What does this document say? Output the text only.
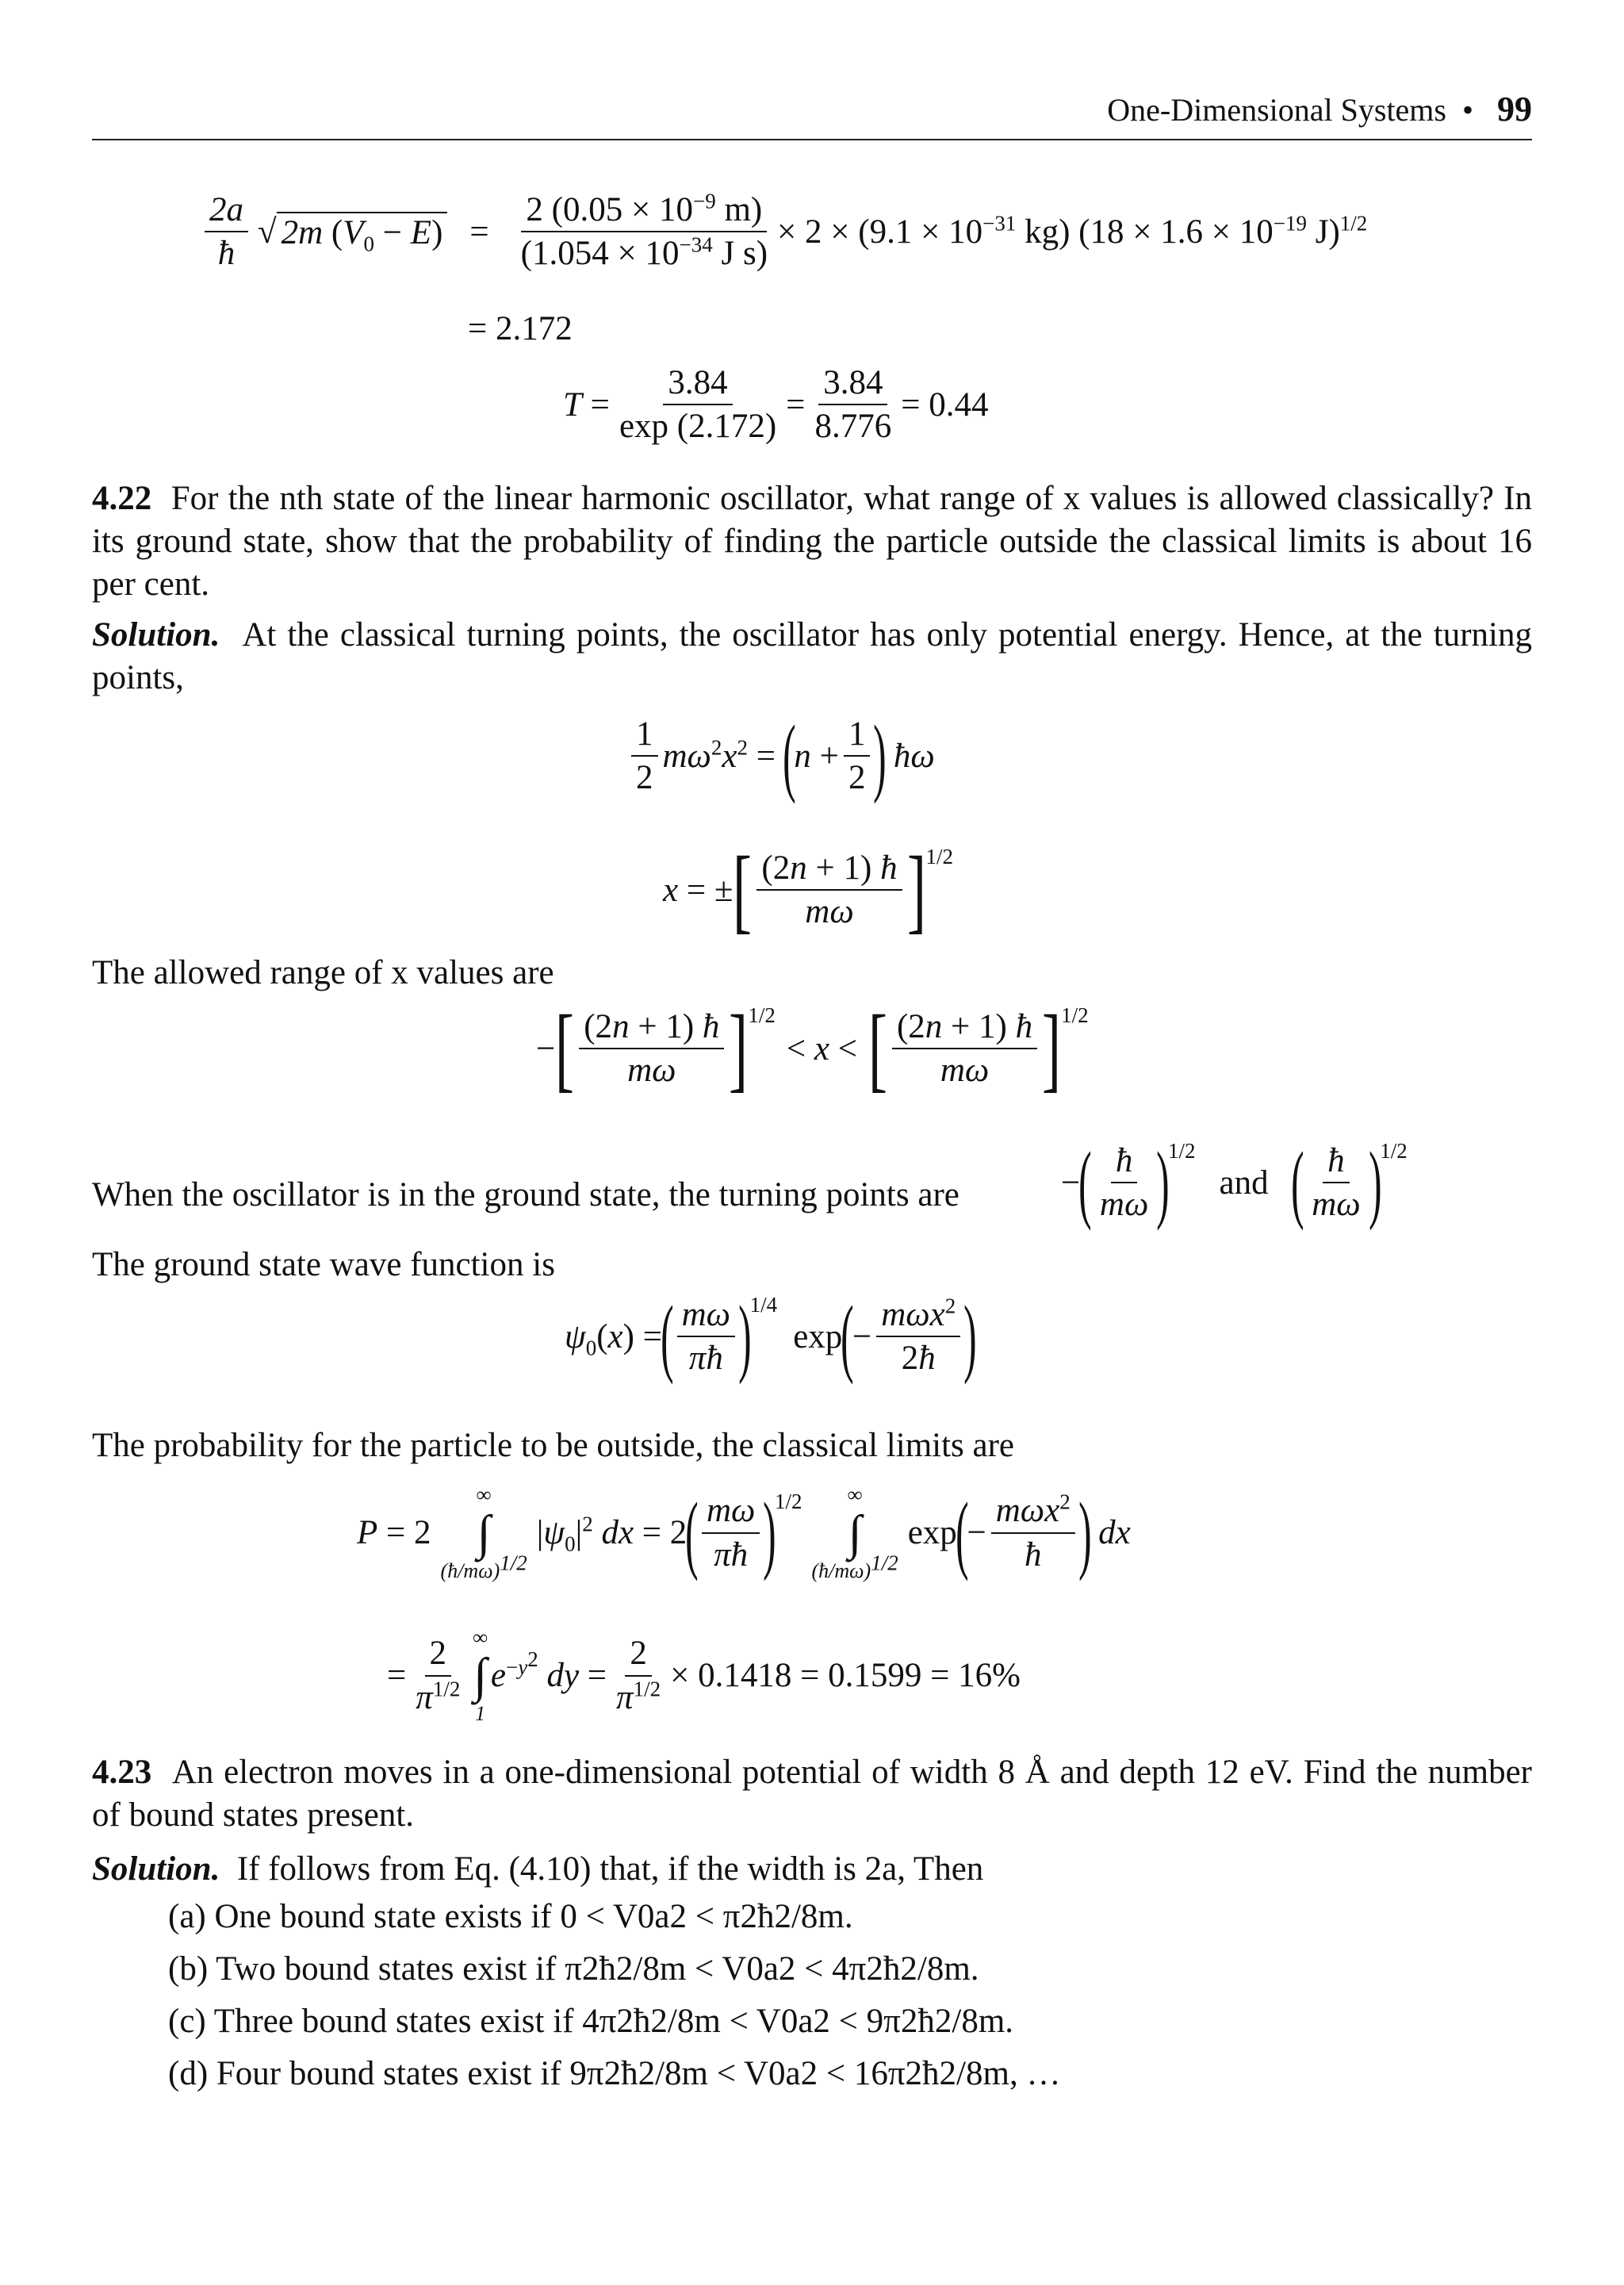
One-Dimensional Systems • 99
$\frac{2a}{ħ}$ √ 2m $(V_0 - E) = \frac{2 (0.05 \times 10^{-9} m)}{(1.054 \times 10^{-34} J s)} \times 2 \times (9.1 \times 10^{-31}$ kg) ($18 \times 1.6 \times 10^{-19}$ J)$^{1/2}$
= 2.172
$T = \frac{3.84}{\exp (2.172)} = \frac{3.84}{8.776} = 0.44$
4.22 For the nth state of the linear harmonic oscillator, what range of x values is allowed classically? In its ground state, show that the probability of finding the particle outside the classical limits is about 16 per cent.
Solution. At the classical turning points, the oscillator has only potential energy. Hence, at the turning points,
$\frac{1}{2} m\omega^2x^2$ =
(
$n + \frac{1}{2}$ ) ħω
x = ± [ $\frac{(2n + 1) ħ}{m\omega} ]^{1/2}$
The allowed range of x values are
− [ $\frac{(2n + 1) ħ}{m\omega} ]^{1/2}$
< x < [ $\frac{(2n + 1) ħ}{m\omega} ]^{1/2}$
When the oscillator is in the ground state, the turning points are	−
( $\frac{ħ}{m\omega}$ )
$^{1/2}$
and ( $\frac{ħ}{m\omega}$ )
$^{1/2}$
The ground state wave function is
$\psi_0(x)$ =
( $\frac{m\omega}{\pi ħ}$ )
$^{1/4}$
exp
(
− $\frac{m\omega x^2}{2ħ}$ )
The probability for the particle to be outside, the classical limits are
P = 2
∞
∫
(ħ/mω)$^{1/2}$
$|\psi_0|^2$ dx = 2
( $\frac{m\omega}{\pi ħ}$ )
$^{1/2}$ ∞
∫
(ħ/mω)$^{1/2}$
exp
(
− $\frac{m\omega x^2}{ħ}$ ) dx
= $\frac{2}{\pi^{1/2}}$ ∞
∫
1
$e^{-y^2}$ dy = $\frac{2}{\pi^{1/2}} \times 0.1418 = 0.1599 = 16\%$
4.23 An electron moves in a one-dimensional potential of width 8 Å and depth 12 eV. Find the number of bound states present.
Solution. If follows from Eq. (4.10) that, if the width is 2a, Then
(a) One bound state exists if 0 < V0a2 < π2ħ2/8m.
(b) Two bound states exist if π2ħ2/8m < V0a2 < 4π2ħ2/8m.
(c) Three bound states exist if 4π2ħ2/8m < V0a2 < 9π2ħ2/8m.
(d) Four bound states exist if 9π2ħ2/8m < V0a2 < 16π2ħ2/8m, …
